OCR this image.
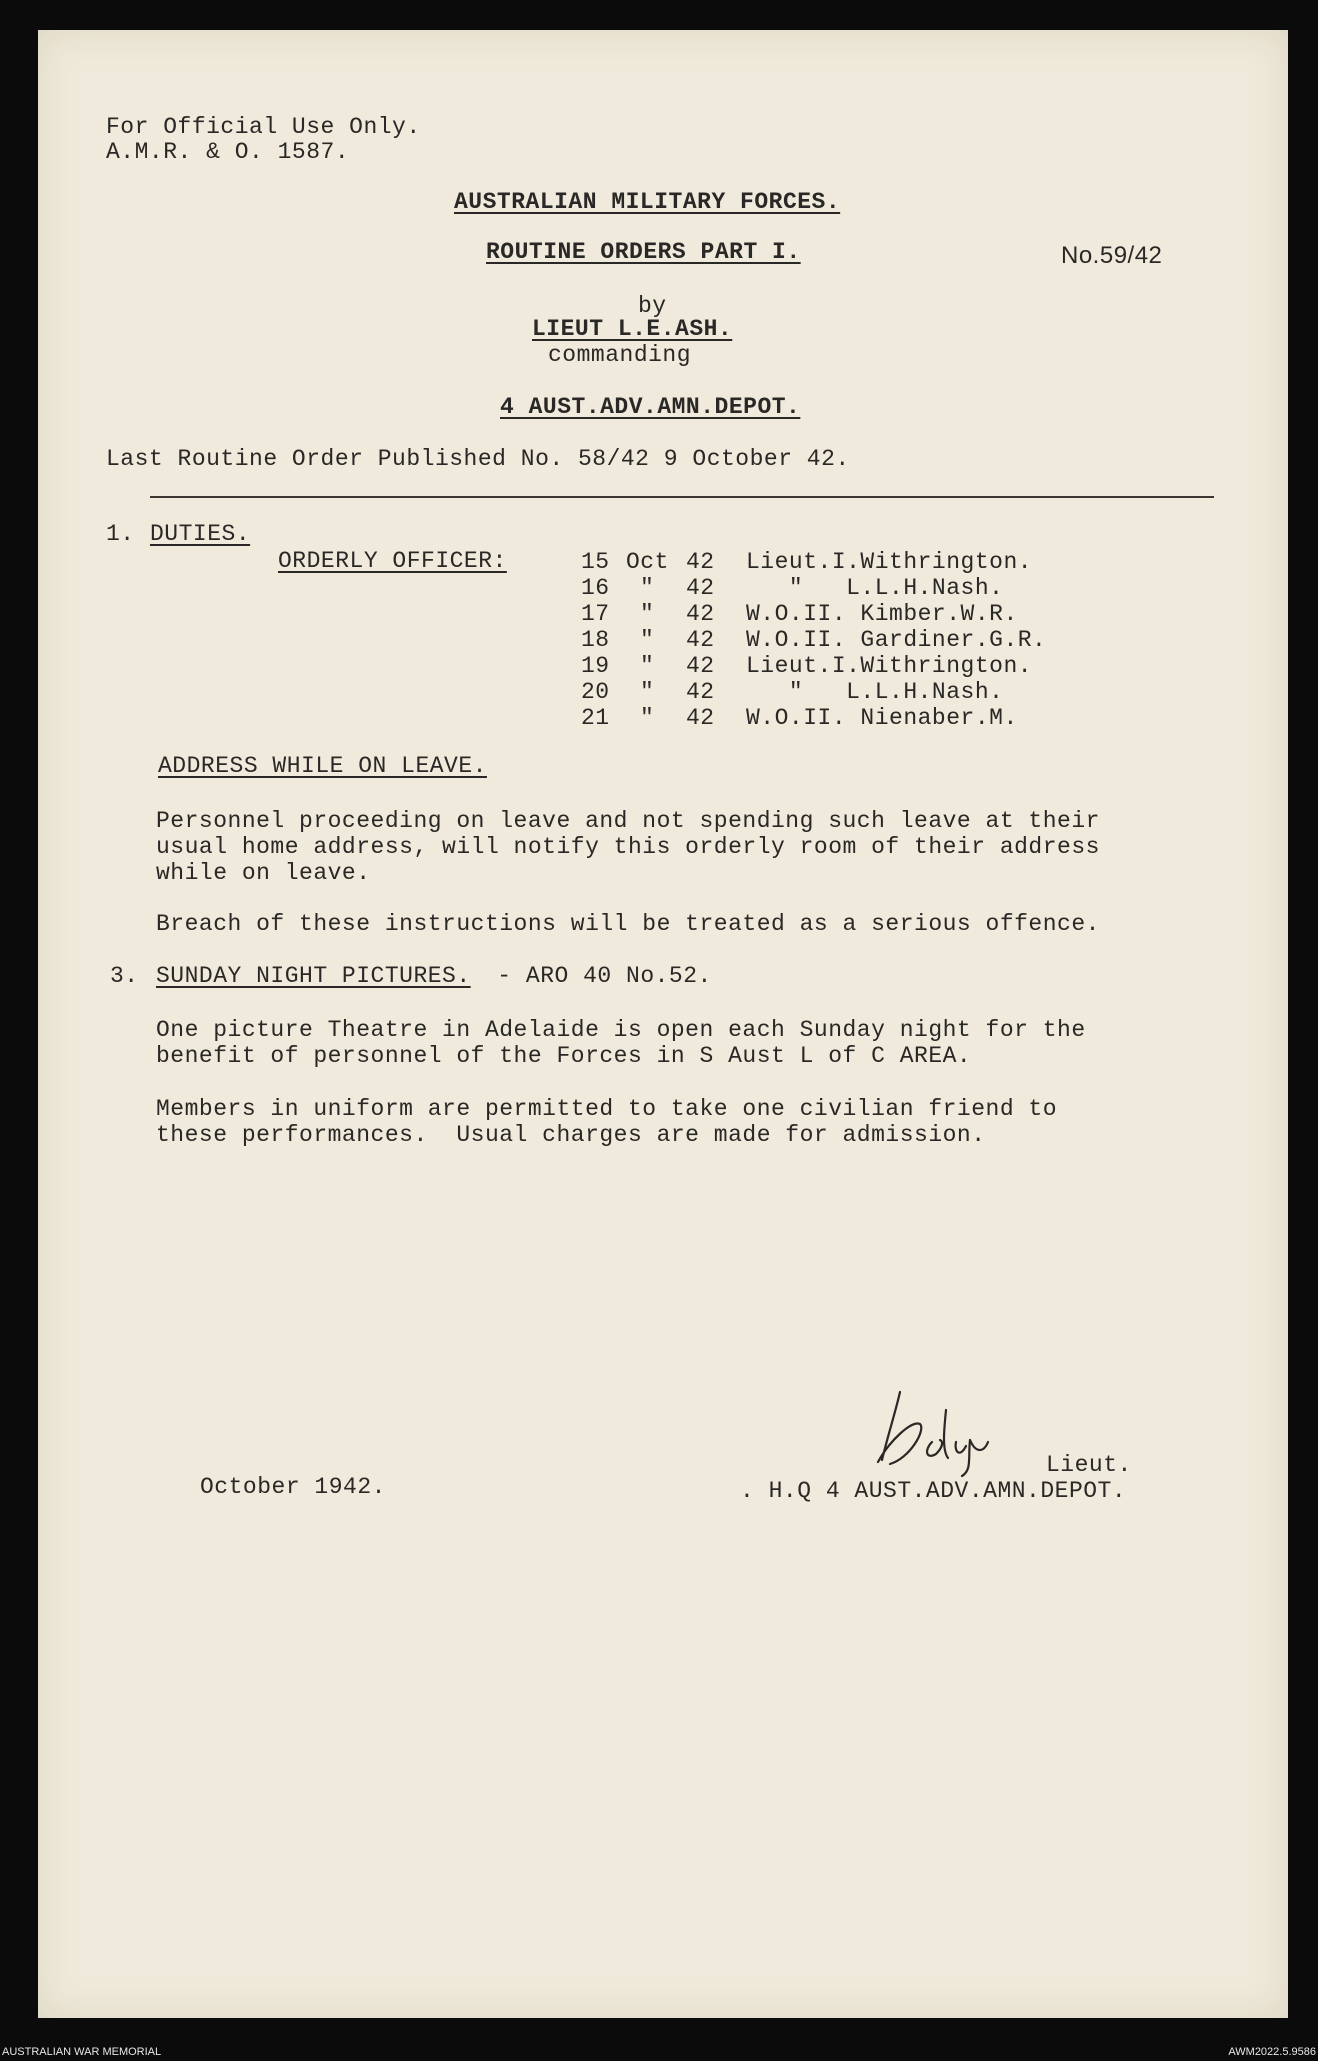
For Official Use Only.
A.M.R. & O. 1587.
AUSTRALIAN MILITARY FORCES.
ROUTINE ORDERS PART I.	No.59/42
by
LIEUT L.E.ASH.
commanding
4 AUST.ADV.AMN.DEPOT.
Last Routine Order Published No. 58/42 9 October 42.
1. DUTIES.
ORDERLY OFFICER:	15 Oct 42 Lieut.I.Withrington.
16 " 42 "   L.L.H.Nash.
17 " 42 W.O.II. Kimber.W.R.
18 " 42 W.O.II. Gardiner.G.R.
19 " 42 Lieut.I.Withrington.
20 " 42 "   L.L.H.Nash.
21 " 42 W.O.II. Nienaber.M.
ADDRESS WHILE ON LEAVE.
Personnel proceeding on leave and not spending such leave at their
usual home address, will notify this orderly room of their address
while on leave.
Breach of these instructions will be treated as a serious offence.
3. SUNDAY NIGHT PICTURES. - ARO 40 No.52.
One picture Theatre in Adelaide is open each Sunday night for the
benefit of personnel of the Forces in S Aust L of C AREA.
Members in uniform are permitted to take one civilian friend to
these performances.  Usual charges are made for admission.
October 1942.
Lieut.
. H.Q 4 AUST.ADV.AMN.DEPOT.
AUSTRALIAN WAR MEMORIAL	AWM2022.5.9586
